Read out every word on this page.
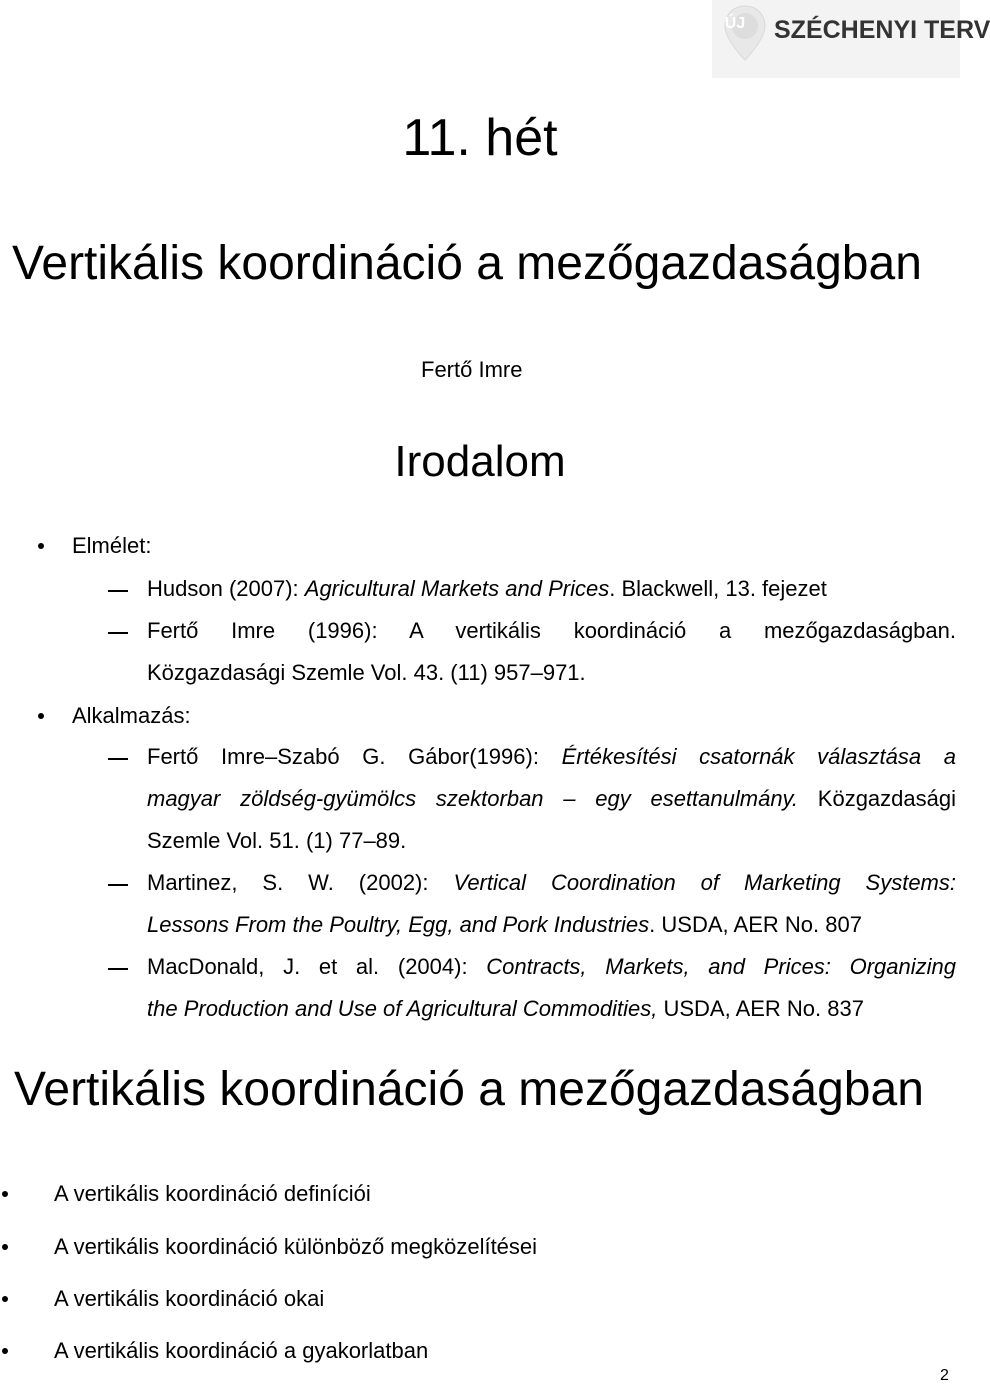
ÚJ	SZÉCHENYI TERV
11. hét
Vertikális koordináció a mezőgazdaságban
Fertő Imre
Irodalom
Elmélet:
Hudson (2007): Agricultural Markets and Prices. Blackwell, 13. fejezet
Fertő Imre (1996): A vertikális koordináció a mezőgazdaságban.
Közgazdasági Szemle Vol. 43. (11) 957–971.
Alkalmazás:
Fertő Imre–Szabó G. Gábor(1996): Értékesítési csatornák választása a
magyar zöldség-gyümölcs szektorban – egy esettanulmány. Közgazdasági
Szemle Vol. 51. (1) 77–89.
Martinez, S. W. (2002): Vertical Coordination of Marketing Systems:
Lessons From the Poultry, Egg, and Pork Industries. USDA, AER No. 807
MacDonald, J. et al. (2004): Contracts, Markets, and Prices: Organizing
the Production and Use of Agricultural Commodities, USDA, AER No. 837
Vertikális koordináció a mezőgazdaságban
A vertikális koordináció definíciói
A vertikális koordináció különböző megközelítései
A vertikális koordináció okai
A vertikális koordináció a gyakorlatban
2
